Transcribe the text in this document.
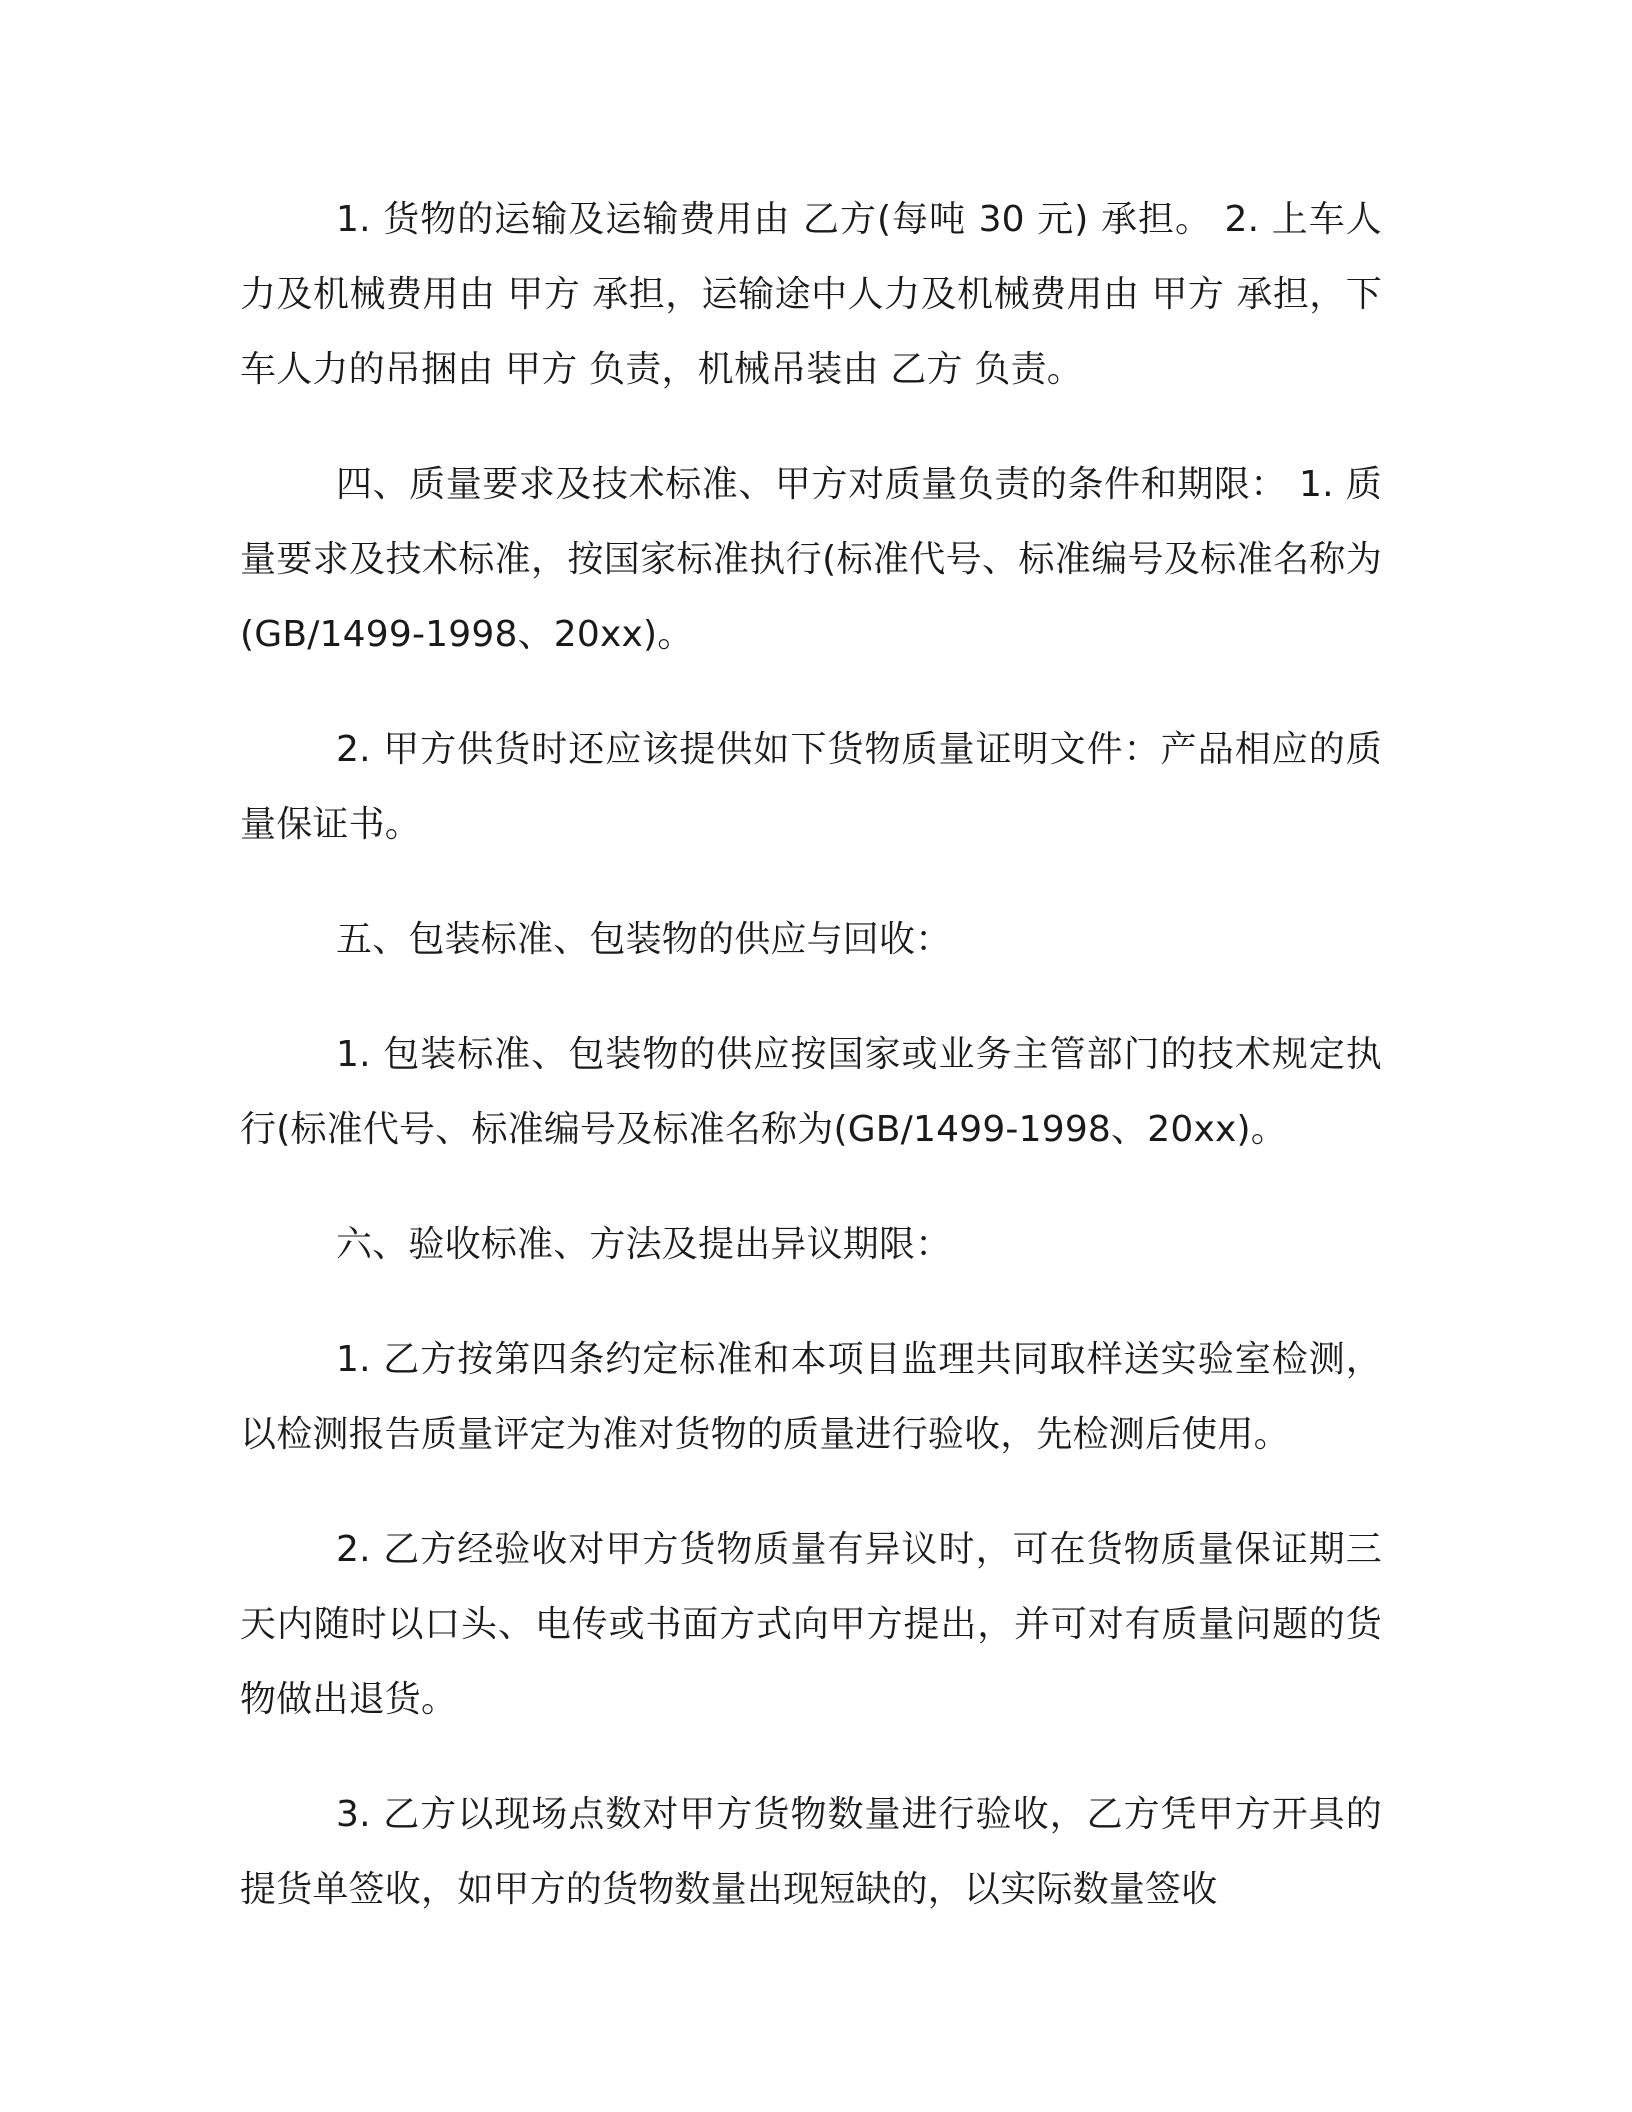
1. 货物的运输及运输费用由 乙方(每吨 30 元) 承担。 2. 上车人力及机械费用由 甲方 承担，运输途中人力及机械费用由 甲方 承担，下车人力的吊捆由 甲方 负责，机械吊装由 乙方 负责。

四、质量要求及技术标准、甲方对质量负责的条件和期限： 1. 质量要求及技术标准，按国家标准执行(标准代号、标准编号及标准名称为(GB/1499-1998、20xx)。

2. 甲方供货时还应该提供如下货物质量证明文件：产品相应的质量保证书。

五、包装标准、包装物的供应与回收：

1. 包装标准、包装物的供应按国家或业务主管部门的技术规定执行(标准代号、标准编号及标准名称为(GB/1499-1998、20xx)。

六、验收标准、方法及提出异议期限：

1. 乙方按第四条约定标准和本项目监理共同取样送实验室检测，以检测报告质量评定为准对货物的质量进行验收，先检测后使用。

2. 乙方经验收对甲方货物质量有异议时，可在货物质量保证期三天内随时以口头、电传或书面方式向甲方提出，并可对有质量问题的货物做出退货。

3. 乙方以现场点数对甲方货物数量进行验收，乙方凭甲方开具的提货单签收，如甲方的货物数量出现短缺的，以实际数量签收
